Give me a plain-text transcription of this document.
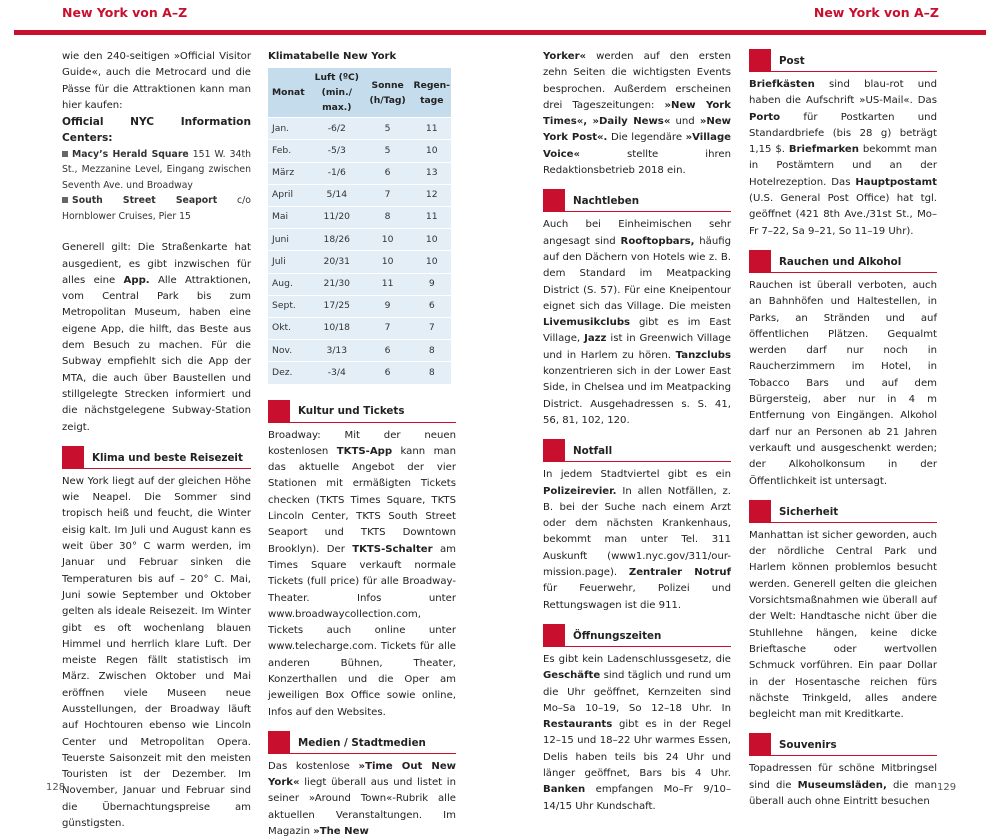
New York von A–Z

wie den 240-seitigen »Official Visitor Guide«, auch die Metrocard und die Pässe für die Attraktionen kann man hier kaufen:

Official NYC Information Centers:
Macy’s Herald Square 151 W. 34th St., Mezzanine Level, Eingang zwischen Seventh Ave. und Broadway
South Street Seaport c/o Hornblower Cruises, Pier 15

Generell gilt: Die Straßenkarte hat ausgedient, es gibt inzwischen für alles eine App. Alle Attraktionen, vom Central Park bis zum Metropolitan Museum, haben eine eigene App, die hilft, das Beste aus dem Besuch zu machen. Für die Subway empfiehlt sich die App der MTA, die auch über Baustellen und stillgelegte Strecken informiert und die nächstgelegene Subway-Station zeigt.

Klima und beste Reisezeit

New York liegt auf der gleichen Höhe wie Neapel. Die Sommer sind tropisch heiß und feucht, die Winter eisig kalt. Im Juli und August kann es weit über 30° C warm werden, im Januar und Februar sinken die Temperaturen bis auf – 20° C. Mai, Juni sowie September und Oktober gelten als ideale Reisezeit. Im Winter gibt es oft wochenlang blauen Himmel und herrlich klare Luft. Der meiste Regen fällt statistisch im März. Zwischen Oktober und Mai eröffnen viele Museen neue Ausstellungen, der Broadway läuft auf Hochtouren ebenso wie Lincoln Center und Metropolitan Opera. Teuerste Saisonzeit mit den meisten Touristen ist der Dezember. Im November, Januar und Februar sind die Übernachtungspreise am günstigsten.

Klimatabelle New York
Monat	Luft (ºC) (min./ max.)	Sonne (h/Tag)	Regen-tage
Jan.	-6/2	5	11
Feb.	-5/3	5	10
März	-1/6	6	13
April	5/14	7	12
Mai	11/20	8	11
Juni	18/26	10	10
Juli	20/31	10	10
Aug.	21/30	11	9
Sept.	17/25	9	6
Okt.	10/18	7	7
Nov.	3/13	6	8
Dez.	-3/4	6	8
Kultur und Tickets

Broadway: Mit der neuen kostenlosen TKTS-App kann man das aktuelle Angebot der vier Stationen mit ermäßigten Tickets checken (TKTS Times Square, TKTS Lincoln Center, TKTS South Street Seaport und TKTS Downtown Brooklyn). Der TKTS-Schalter am Times Square verkauft normale Tickets (full price) für alle Broadway-Theater. Infos unter www.broadwaycollection.com, Tickets auch online unter www.telecharge.com. Tickets für alle anderen Bühnen, Theater, Konzerthallen und die Oper am jeweiligen Box Office sowie online, Infos auf den Websites.

Medien / Stadtmedien

Das kostenlose »Time Out New York« liegt überall aus und listet in seiner »Around Town«-Rubrik alle aktuellen Veranstaltungen. Im Magazin »The New

128
New York von A–Z

Yorker« werden auf den ersten zehn Seiten die wichtigsten Events besprochen. Außerdem erscheinen drei Tageszeitungen: »New York Times«, »Daily News« und »New York Post«. Die legendäre »Village Voice« stellte ihren Redaktionsbetrieb 2018 ein.

Nachtleben

Auch bei Einheimischen sehr angesagt sind Rooftopbars, häufig auf den Dächern von Hotels wie z. B. dem Standard im Meatpacking District (S. 57). Für eine Kneipentour eignet sich das Village. Die meisten Livemusikclubs gibt es im East Village, Jazz ist in Greenwich Village und in Harlem zu hören. Tanzclubs konzentrieren sich in der Lower East Side, in Chelsea und im Meatpacking District. Ausgehadressen s. S. 41, 56, 81, 102, 120.

Notfall

In jedem Stadtviertel gibt es ein Polizeirevier. In allen Notfällen, z. B. bei der Suche nach einem Arzt oder dem nächsten Krankenhaus, bekommt man unter Tel. 311 Auskunft (www1.nyc.gov/311/our-mission.page). Zentraler Notruf für Feuerwehr, Polizei und Rettungswagen ist die 911.

Öffnungszeiten

Es gibt kein Ladenschlussgesetz, die Geschäfte sind täglich und rund um die Uhr geöffnet, Kernzeiten sind Mo–Sa 10–19, So 12–18 Uhr. In Restaurants gibt es in der Regel 12–15 und 18–22 Uhr warmes Essen, Delis haben teils bis 24 Uhr und länger geöffnet, Bars bis 4 Uhr. Banken empfangen Mo–Fr 9/10–14/15 Uhr Kundschaft.

Post

Briefkästen sind blau-rot und haben die Aufschrift »US-Mail«. Das Porto für Postkarten und Standardbriefe (bis 28 g) beträgt 1,15 $. Briefmarken bekommt man in Postämtern und an der Hotelrezeption. Das Hauptpostamt (U.S. General Post Office) hat tgl. geöffnet (421 8th Ave./31st St., Mo–Fr 7–22, Sa 9–21, So 11–19 Uhr).

Rauchen und Alkohol

Rauchen ist überall verboten, auch an Bahnhöfen und Haltestellen, in Parks, an Stränden und auf öffentlichen Plätzen. Gequalmt werden darf nur noch in Raucherzimmern im Hotel, in Tobacco Bars und auf dem Bürgersteig, aber nur in 4 m Entfernung von Eingängen. Alkohol darf nur an Personen ab 21 Jahren verkauft und ausgeschenkt werden; der Alkoholkonsum in der Öffentlichkeit ist untersagt.

Sicherheit

Manhattan ist sicher geworden, auch der nördliche Central Park und Harlem können problemlos besucht werden. Generell gelten die gleichen Vorsichtsmaßnahmen wie überall auf der Welt: Handtasche nicht über die Stuhllehne hängen, keine dicke Brieftasche oder wertvollen Schmuck vorführen. Ein paar Dollar in der Hosentasche reichen fürs nächste Trinkgeld, alles andere begleicht man mit Kreditkarte.

Souvenirs

Topadressen für schöne Mitbringsel sind die Museumsläden, die man überall auch ohne Eintritt besuchen

129
